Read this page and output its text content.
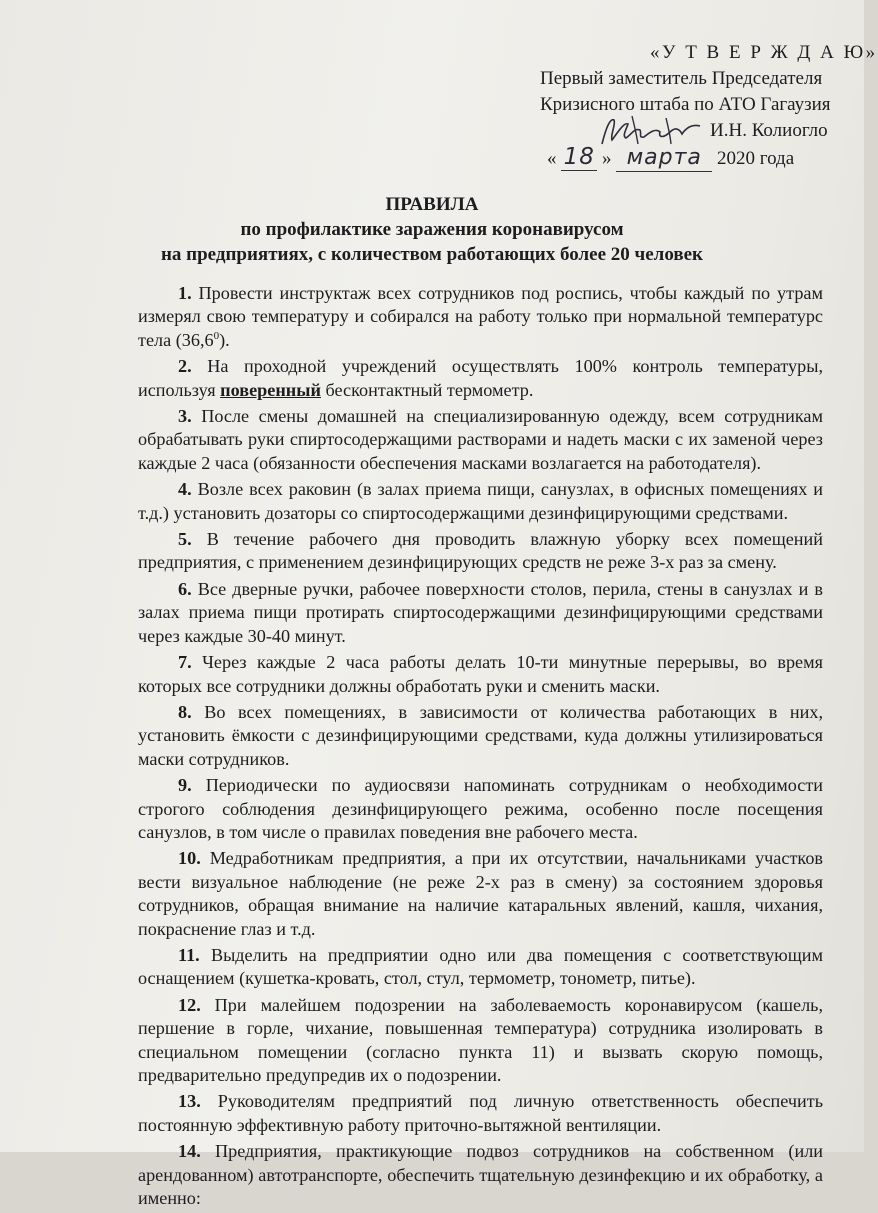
«У Т В Е Р Ж Д А Ю»
Первый заместитель Председателя
Кризисного штаба по АТО Гагаузия
И.Н. Колиогло
« 18 » марта 2020 года
ПРАВИЛА
по профилактике заражения коронавирусом
на предприятиях, с количеством работающих более 20 человек

1. Провести инструктаж всех сотрудников под роспись, чтобы каждый по утрам измерял свою температуру и собирался на работу только при нормальной температурс тела (36,6$^0$).

2. На проходной учреждений осуществлять 100% контроль температуры, используя поверенный бесконтактный термометр.

3. После смены домашней на специализированную одежду, всем сотрудникам обрабатывать руки спиртосодержащими растворами и надеть маски с их заменой через каждые 2 часа (обязанности обеспечения масками возлагается на работодателя).

4. Возле всех раковин (в залах приема пищи, санузлах, в офисных помещениях и т.д.) установить дозаторы со спиртосодержащими дезинфицирующими средствами.

5. В течение рабочего дня проводить влажную уборку всех помещений предприятия, с применением дезинфицирующих средств не реже 3-х раз за смену.

6. Все дверные ручки, рабочее поверхности столов, перила, стены в санузлах и в залах приема пищи протирать спиртосодержащими дезинфицирующими средствами через каждые 30-40 минут.

7. Через каждые 2 часа работы делать 10-ти минутные перерывы, во время которых все сотрудники должны обработать руки и сменить маски.

8. Во всех помещениях, в зависимости от количества работающих в них, установить ёмкости с дезинфицирующими средствами, куда должны утилизироваться маски сотрудников.

9. Периодически по аудиосвязи напоминать сотрудникам о необходимости строгого соблюдения дезинфицирующего режима, особенно после посещения санузлов, в том числе о правилах поведения вне рабочего места.

10. Медработникам предприятия, а при их отсутствии, начальниками участков вести визуальное наблюдение (не реже 2-х раз в смену) за состоянием здоровья сотрудников, обращая внимание на наличие катаральных явлений, кашля, чихания, покраснение глаз и т.д.

11. Выделить на предприятии одно или два помещения с соответствующим оснащением (кушетка-кровать, стол, стул, термометр, тонометр, питье).

12. При малейшем подозрении на заболеваемость коронавирусом (кашель, першение в горле, чихание, повышенная температура) сотрудника изолировать в специальном помещении (согласно пункта 11) и вызвать скорую помощь, предварительно предупредив их о подозрении.

13. Руководителям предприятий под личную ответственность обеспечить постоянную эффективную работу приточно-вытяжной вентиляции.

14. Предприятия, практикующие подвоз сотрудников на собственном (или арендованном) автотранспорте, обеспечить тщательную дезинфекцию и их обработку, а именно:
